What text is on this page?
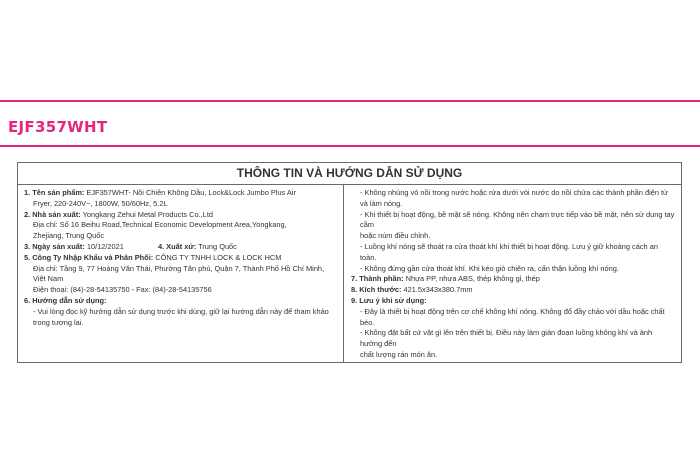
EJF357WHT
THÔNG TIN VÀ HƯỚNG DẪN SỬ DỤNG
1. Tên sản phẩm: EJF357WHT- Nồi Chiên Không Dầu, Lock&Lock Jumbo Plus Air
Fryer, 220-240V~, 1800W, 50/60Hz, 5.2L
2. Nhà sản xuất: Yongkang Zehui Metal Products Co.,Ltd
Địa chỉ: Số 16 Beihu Road,Technical Economic Development Area,Yongkang,
Zhejiang, Trung Quốc
3. Ngày sản xuất: 10/12/2021	4. Xuất xứ: Trung Quốc
5. Công Ty Nhập Khẩu và Phân Phối: CÔNG TY TNHH LOCK & LOCK HCM
Địa chỉ: Tầng 9, 77 Hoàng Văn Thái, Phường Tân phú, Quận 7, Thành Phố Hồ Chí Minh, Việt Nam
Điện thoại: (84)-28-54135750 - Fax: (84)-28-54135756
6. Hướng dẫn sử dụng:
- Vui lòng đọc kỹ hướng dẫn sử dụng trước khi dùng, giữ lại hướng dẫn này để tham khảo
trong tương lai.
- Không nhúng vỏ nồi trong nước hoặc rửa dưới vòi nước do nồi chứa các thành phần điện tử và làm nóng.
- Khi thiết bị hoạt động, bề mặt sẽ nóng. Không nên chạm trực tiếp vào bề mặt, nên sử dụng tay cầm
hoặc núm điều chỉnh.
- Luồng khí nóng sẽ thoát ra cửa thoát khí khi thiết bị hoạt động. Lưu ý giữ khoảng cách an toàn.
- Không đứng gần cửa thoát khí. Khi kéo giỏ chiên ra, cẩn thận luồng khí nóng.
7. Thành phần: Nhựa PP, nhựa ABS, thép không gỉ, thép
8. Kích thước: 421.5x343x380.7mm
9. Lưu ý khi sử dụng:
- Đây là thiết bị hoạt động trên cơ chế không khí nóng. Không đổ đầy chảo với dầu hoặc chất béo.
- Không đặt bất cứ vật gì lên trên thiết bị. Điều này làm gián đoạn luồng không khí và ảnh hưởng đến
chất lượng rán món ăn.
